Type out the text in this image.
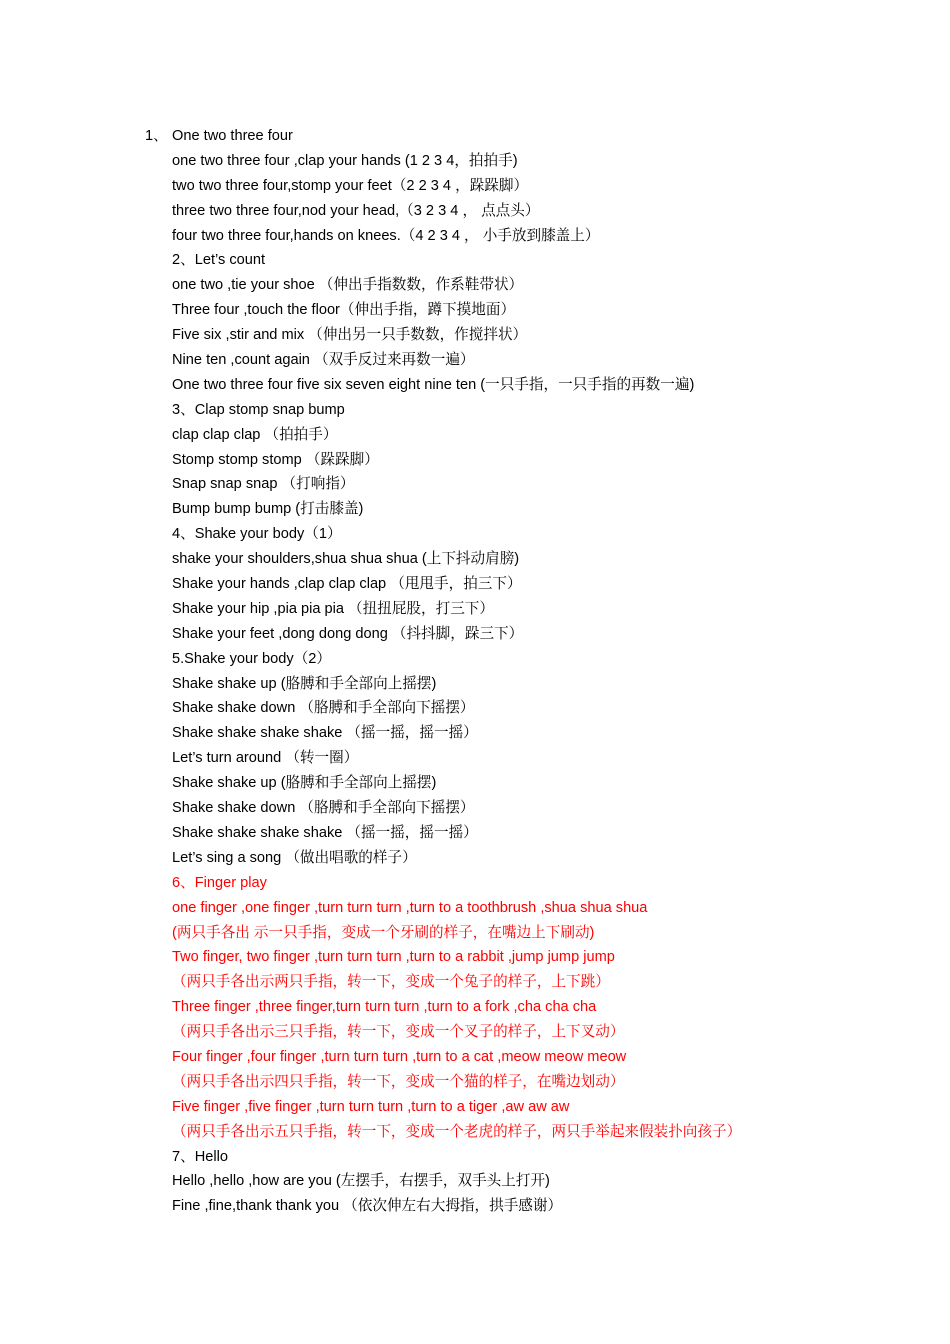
1、 One two three four
one two three four ,clap your hands (1 2 3 4，拍拍手)
two two three four,stomp your feet（2 2 3 4 ，跺跺脚）
three two three four,nod your head,（3 2 3 4 ， 点点头）
four two three four,hands on knees.（4 2 3 4 ， 小手放到膝盖上）
2、Let’s count
one two ,tie your shoe （伸出手指数数，作系鞋带状）
Three four ,touch the floor（伸出手指，蹲下摸地面）
Five six ,stir and mix （伸出另一只手数数，作搅拌状）
Nine ten ,count again （双手反过来再数一遍）
One two three four five six seven eight nine ten (一只手指，一只手指的再数一遍)
3、Clap stomp snap bump
clap clap clap （拍拍手）
Stomp stomp stomp （跺跺脚）
Snap snap snap （打响指）
Bump bump bump (打击膝盖)
4、Shake your body（1）
shake your shoulders,shua shua shua (上下抖动肩膀)
Shake your hands ,clap clap clap （甩甩手，拍三下）
Shake your hip ,pia pia pia （扭扭屁股，打三下）
Shake your feet ,dong dong dong （抖抖脚，跺三下）
5.Shake your body（2）
Shake shake up (胳膊和手全部向上摇摆)
Shake shake down （胳膊和手全部向下摇摆）
Shake shake shake shake （摇一摇，摇一摇）
Let’s turn around （转一圈）
Shake shake up (胳膊和手全部向上摇摆)
Shake shake down （胳膊和手全部向下摇摆）
Shake shake shake shake （摇一摇，摇一摇）
Let’s sing a song （做出唱歌的样子）
6、Finger play
one finger ,one finger ,turn turn turn ,turn to a toothbrush ,shua shua shua
(两只手各出 示一只手指，变成一个牙刷的样子，在嘴边上下刷动)
Two finger, two finger ,turn turn turn ,turn to a rabbit ,jump jump jump
（两只手各出示两只手指，转一下，变成一个兔子的样子，上下跳）
Three finger ,three finger,turn turn turn ,turn to a fork ,cha cha cha
（两只手各出示三只手指，转一下，变成一个叉子的样子，上下叉动）
Four finger ,four finger ,turn turn turn ,turn to a cat ,meow meow meow
（两只手各出示四只手指，转一下，变成一个猫的样子，在嘴边划动）
Five finger ,five finger ,turn turn turn ,turn to a tiger ,aw aw aw
（两只手各出示五只手指，转一下，变成一个老虎的样子，两只手举起来假装扑向孩子）
7、Hello
Hello ,hello ,how are you (左摆手，右摆手，双手头上打开)
Fine ,fine,thank thank you （依次伸左右大拇指，拱手感谢）
